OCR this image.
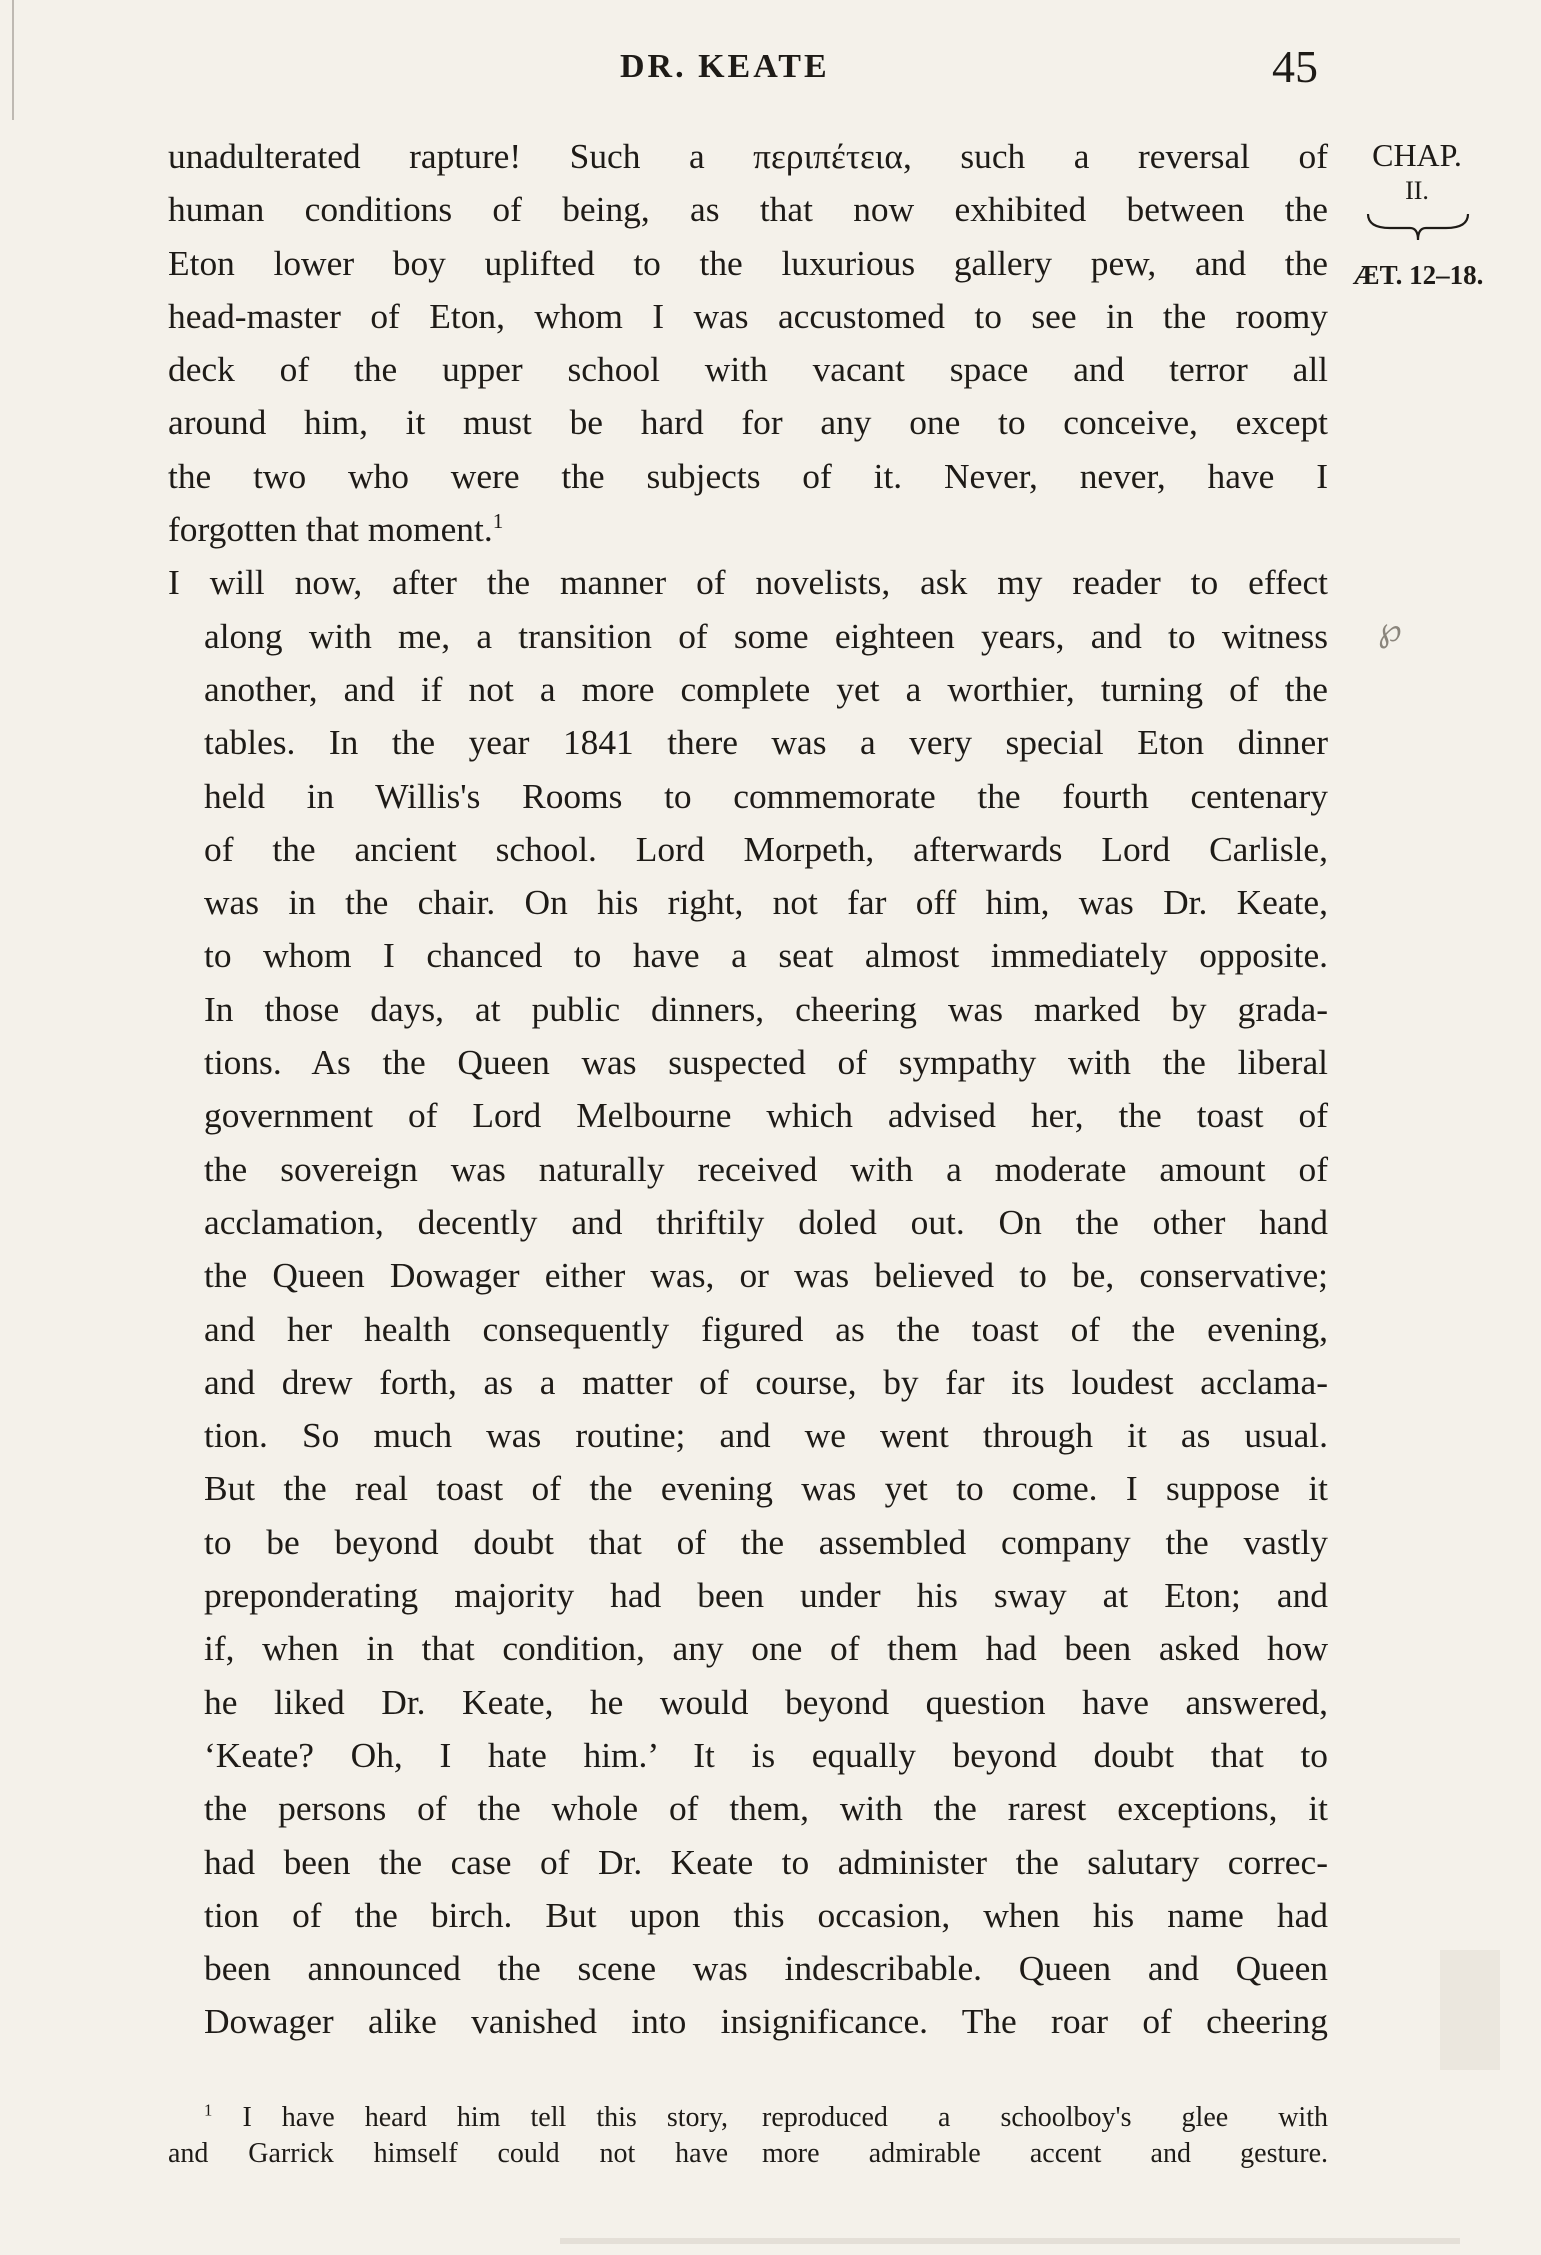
DR. KEATE	45
CHAP.
II.
ÆT. 12–18.
℘

unadulterated rapture! Such a περιπέτεια, such a reversal of
human conditions of being, as that now exhibited between the
Eton lower boy uplifted to the luxurious gallery pew, and the
head-master of Eton, whom I was accustomed to see in the roomy
deck of the upper school with vacant space and terror all
around him, it must be hard for any one to conceive, except
the two who were the subjects of it. Never, never, have I
forgotten that moment.$^1$

I will now, after the manner of novelists, ask my reader to effect
along with me, a transition of some eighteen years, and to witness
another, and if not a more complete yet a worthier, turning of the
tables. In the year 1841 there was a very special Eton dinner
held in Willis's Rooms to commemorate the fourth centenary
of the ancient school. Lord Morpeth, afterwards Lord Carlisle,
was in the chair. On his right, not far off him, was Dr. Keate,
to whom I chanced to have a seat almost immediately opposite.
In those days, at public dinners, cheering was marked by grada-
tions. As the Queen was suspected of sympathy with the liberal
government of Lord Melbourne which advised her, the toast of
the sovereign was naturally received with a moderate amount of
acclamation, decently and thriftily doled out. On the other hand
the Queen Dowager either was, or was believed to be, conservative;
and her health consequently figured as the toast of the evening,
and drew forth, as a matter of course, by far its loudest acclama-
tion. So much was routine; and we went through it as usual.
But the real toast of the evening was yet to come. I suppose it
to be beyond doubt that of the assembled company the vastly
preponderating majority had been under his sway at Eton; and
if, when in that condition, any one of them had been asked how
he liked Dr. Keate, he would beyond question have answered,
‘Keate? Oh, I hate him.’ It is equally beyond doubt that to
the persons of the whole of them, with the rarest exceptions, it
had been the case of Dr. Keate to administer the salutary correc-
tion of the birch. But upon this occasion, when his name had
been announced the scene was indescribable. Queen and Queen
Dowager alike vanished into insignificance. The roar of cheering

$^1$ I have heard him tell this story,
and Garrick himself could not have
reproduced a schoolboy's glee with
more admirable accent and gesture.
